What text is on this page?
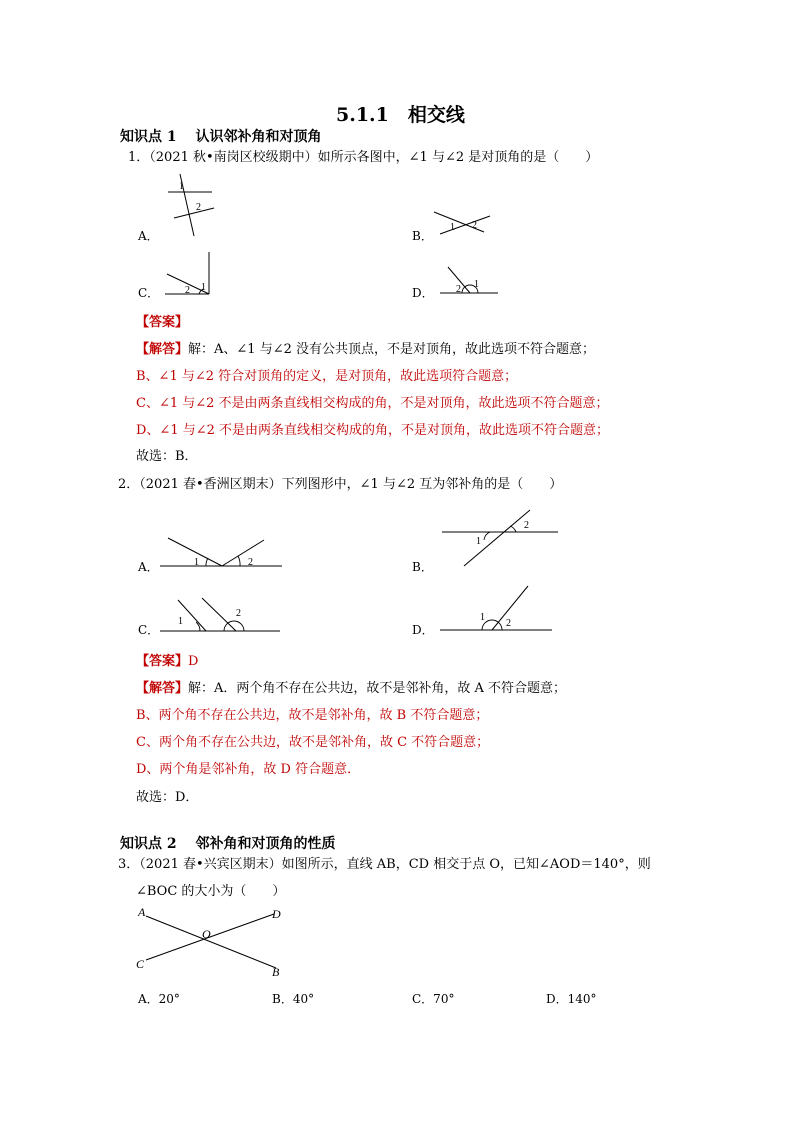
5.1.1　相交线
知识点 1 认识邻补角和对顶角
1．（2021 秋•南岗区校级期中）如所示各图中，∠1 与∠2 是对顶角的是（　　）
A．
1
2
B．
1 2
C．	2 1	D． 2 1
【答案】
【解答】解：A、∠1 与∠2 没有公共顶点，不是对顶角，故此选项不符合题意；
B、∠1 与∠2 符合对顶角的定义，是对顶角，故此选项符合题意；
C、∠1 与∠2 不是由两条直线相交构成的角，不是对顶角，故此选项不符合题意；
D、∠1 与∠2 不是由两条直线相交构成的角，不是对顶角，故此选项不符合题意；
故选：B．
2．（2021 春•香洲区期末）下列图形中，∠1 与∠2 互为邻补角的是（　　）
A．	1	2	B．
1
2
C．
1
2
D．
1
2
【答案】D
【解答】解：A．两个角不存在公共边，故不是邻补角，故 A 不符合题意；
B、两个角不存在公共边，故不是邻补角，故 B 不符合题意；
C、两个角不存在公共边，故不是邻补角，故 C 不符合题意；
D、两个角是邻补角，故 D 符合题意．
故选：D．
知识点 2 邻补角和对顶角的性质
3．（2021 春•兴宾区期末）如图所示，直线 AB，CD 相交于点 O，已知∠AOD＝140°，则
∠BOC 的大小为（　　）
A	D
O
C
B
A．20°	B．40°	C．70°	D．140°
